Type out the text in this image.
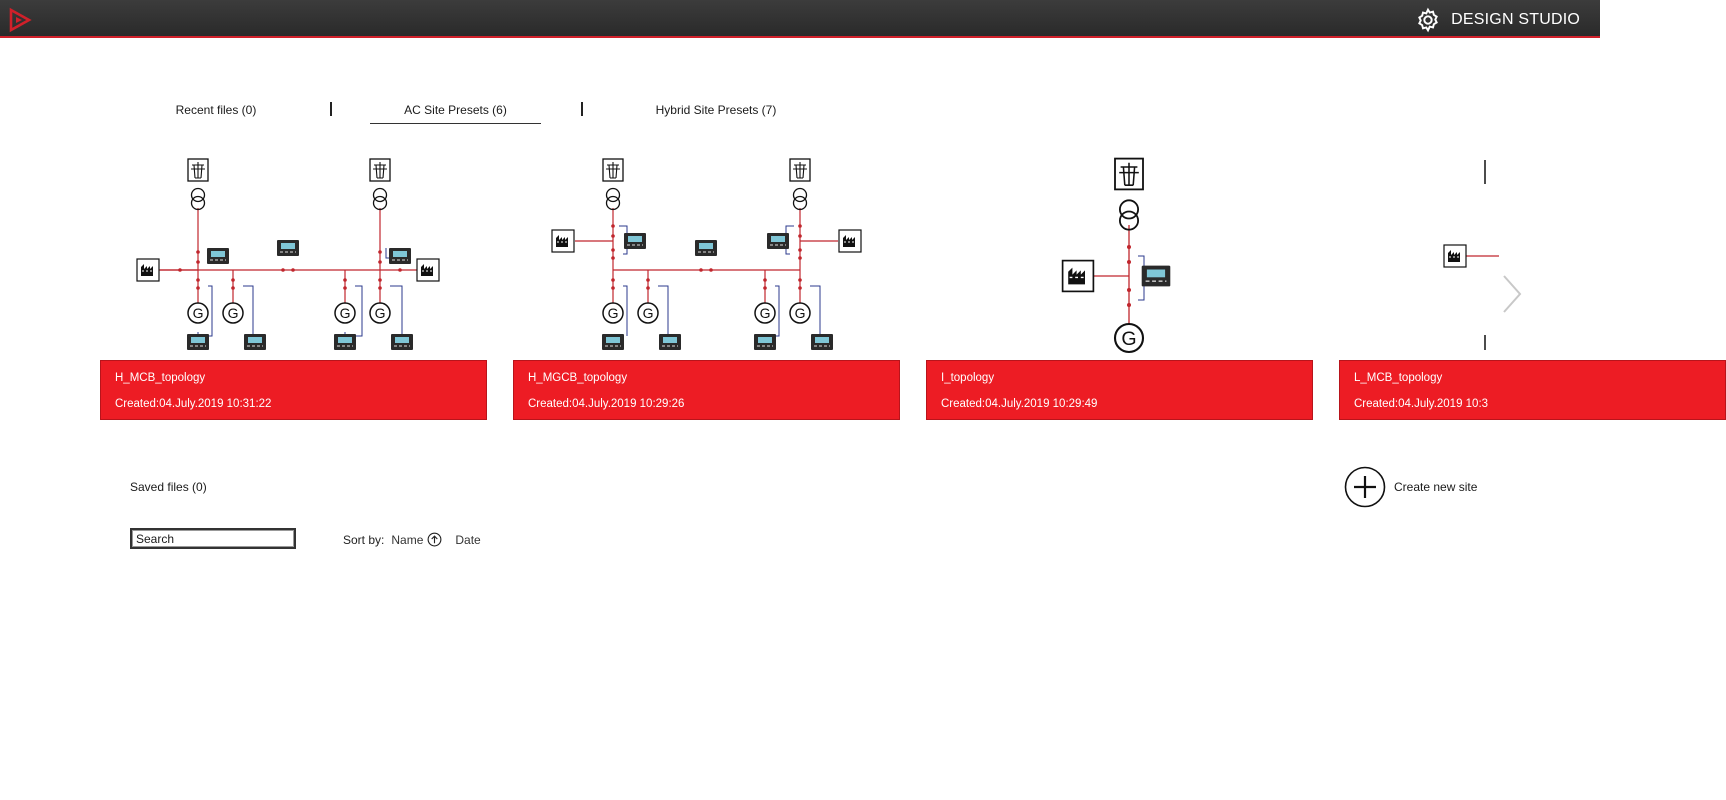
DESIGN STUDIO
Recent files (0)	AC Site Presets (6)	Hybrid Site Presets (7)
G
H_MCB_topology
Created:04.July.2019 10:31:22
H_MGCB_topology
Created:04.July.2019 10:29:26
I_topology
Created:04.July.2019 10:29:49
L_MCB_topology
Created:04.July.2019 10:3
Saved files (0)	Create new site
Search
Sort by: Name	Date
